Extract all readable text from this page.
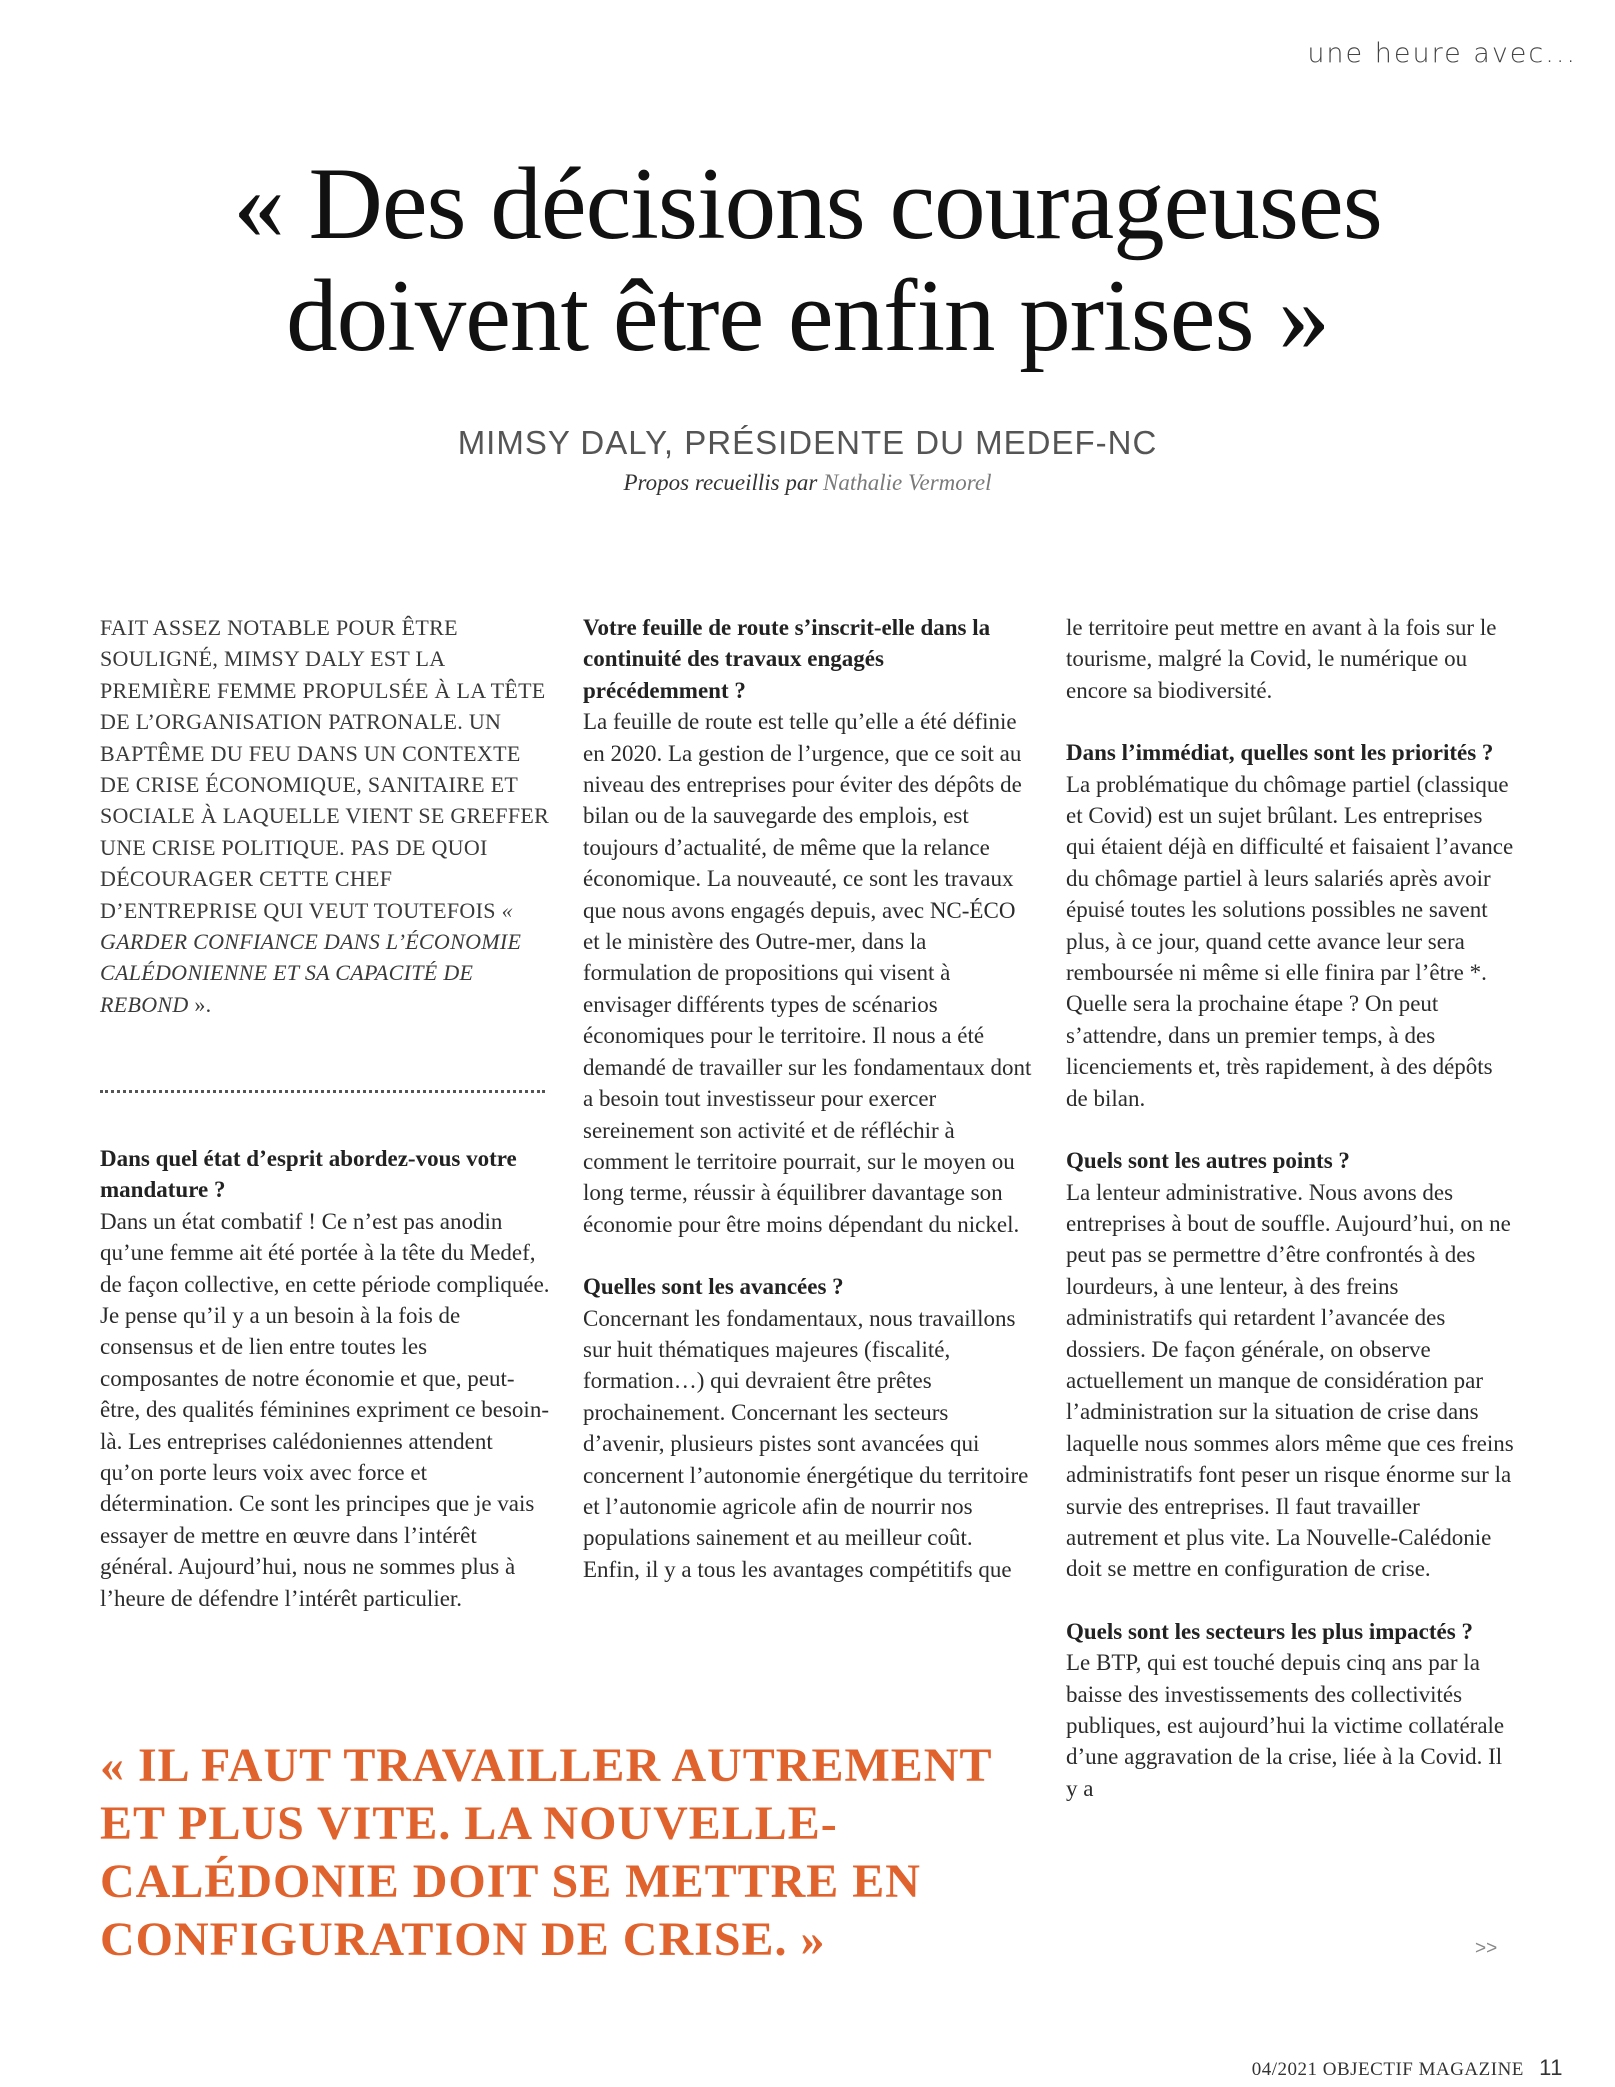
une heure avec...
« Des décisions courageuses
doivent être enfin prises »
MIMSY DALY, PRÉSIDENTE DU MEDEF-NC
Propos recueillis par Nathalie Vermorel

FAIT ASSEZ NOTABLE POUR ÊTRE SOULIGNÉ, MIMSY DALY EST LA PREMIÈRE FEMME PROPULSÉE À LA TÊTE DE L’ORGANISATION PATRONALE. UN BAPTÊME DU FEU DANS UN CONTEXTE DE CRISE ÉCONOMIQUE, SANITAIRE ET SOCIALE À LAQUELLE VIENT SE GREFFER UNE CRISE POLITIQUE. PAS DE QUOI DÉCOURAGER CETTE CHEF D’ENTREPRISE QUI VEUT TOUTEFOIS « GARDER CONFIANCE DANS L’ÉCONOMIE CALÉDONIENNE ET SA CAPACITÉ DE REBOND ».

Dans quel état d’esprit abordez-vous votre mandature ?

Dans un état combatif ! Ce n’est pas anodin qu’une femme ait été portée à la tête du Medef, de façon collective, en cette période compliquée. Je pense qu’il y a un besoin à la fois de consensus et de lien entre toutes les composantes de notre économie et que, peut-être, des qualités féminines expriment ce besoin-là. Les entreprises calédoniennes attendent qu’on porte leurs voix avec force et détermination. Ce sont les principes que je vais essayer de mettre en œuvre dans l’intérêt général. Aujourd’hui, nous ne sommes plus à l’heure de défendre l’intérêt particulier.

Votre feuille de route s’inscrit-elle dans la continuité des travaux engagés précédemment ?

La feuille de route est telle qu’elle a été définie en 2020. La gestion de l’urgence, que ce soit au niveau des entreprises pour éviter des dépôts de bilan ou de la sauvegarde des emplois, est toujours d’actualité, de même que la relance économique. La nouveauté, ce sont les travaux que nous avons engagés depuis, avec NC-ÉCO et le ministère des Outre-mer, dans la formulation de propositions qui visent à envisager différents types de scénarios économiques pour le territoire. Il nous a été demandé de travailler sur les fondamentaux dont a besoin tout investisseur pour exercer sereinement son activité et de réfléchir à comment le territoire pourrait, sur le moyen ou long terme, réussir à équilibrer davantage son économie pour être moins dépendant du nickel.

Quelles sont les avancées ?

Concernant les fondamentaux, nous travaillons sur huit thématiques majeures (fiscalité, formation…) qui devraient être prêtes prochainement. Concernant les secteurs d’avenir, plusieurs pistes sont avancées qui concernent l’autonomie énergétique du territoire et l’autonomie agricole afin de nourrir nos populations sainement et au meilleur coût. Enfin, il y a tous les avantages compétitifs que

le territoire peut mettre en avant à la fois sur le tourisme, malgré la Covid, le numérique ou encore sa biodiversité.

Dans l’immédiat, quelles sont les priorités ?

La problématique du chômage partiel (classique et Covid) est un sujet brûlant. Les entreprises qui étaient déjà en difficulté et faisaient l’avance du chômage partiel à leurs salariés après avoir épuisé toutes les solutions possibles ne savent plus, à ce jour, quand cette avance leur sera remboursée ni même si elle finira par l’être *. Quelle sera la prochaine étape ? On peut s’attendre, dans un premier temps, à des licenciements et, très rapidement, à des dépôts de bilan.

Quels sont les autres points ?

La lenteur administrative. Nous avons des entreprises à bout de souffle. Aujourd’hui, on ne peut pas se permettre d’être confrontés à des lourdeurs, à une lenteur, à des freins administratifs qui retardent l’avancée des dossiers. De façon générale, on observe actuellement un manque de considération par l’administration sur la situation de crise dans laquelle nous sommes alors même que ces freins administratifs font peser un risque énorme sur la survie des entreprises. Il faut travailler autrement et plus vite. La Nouvelle-Calédonie doit se mettre en configuration de crise.

Quels sont les secteurs les plus impactés ?

Le BTP, qui est touché depuis cinq ans par la baisse des investissements des collectivités publiques, est aujourd’hui la victime collatérale d’une aggravation de la crise, liée à la Covid. Il y a

>>
« IL FAUT TRAVAILLER AUTREMENT
ET PLUS VITE. LA NOUVELLE-
CALÉDONIE DOIT SE METTRE EN
CONFIGURATION DE CRISE. »
04/2021 OBJECTIF MAGAZINE 11
